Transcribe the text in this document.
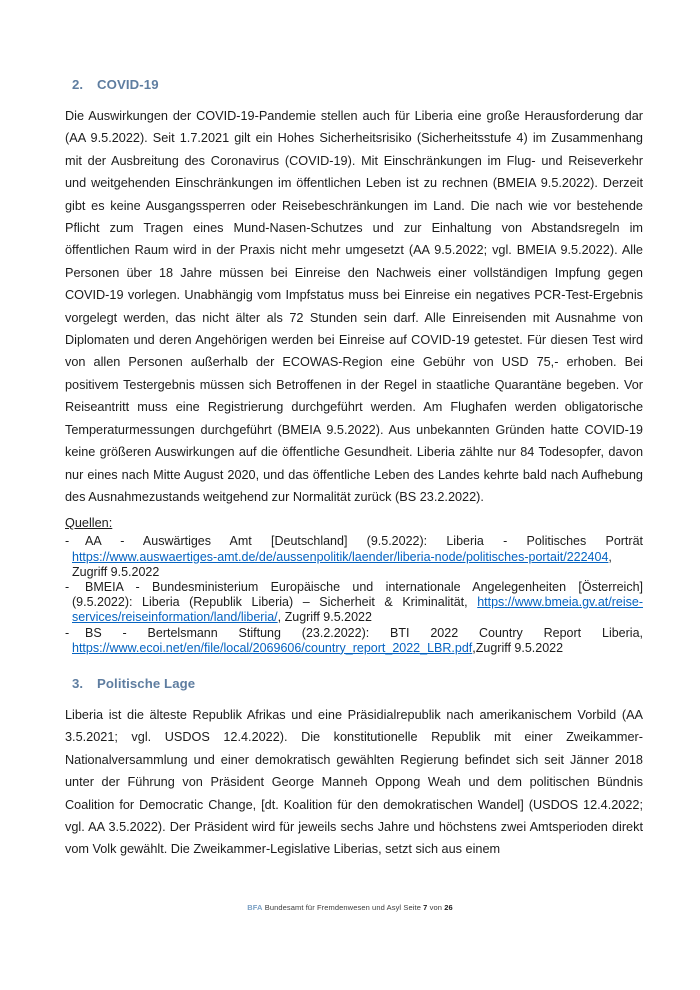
2. COVID-19
Die Auswirkungen der COVID-19-Pandemie stellen auch für Liberia eine große Herausforderung dar (AA 9.5.2022). Seit 1.7.2021 gilt ein Hohes Sicherheitsrisiko (Sicherheitsstufe 4) im Zusammenhang mit der Ausbreitung des Coronavirus (COVID-19). Mit Einschränkungen im Flug- und Reiseverkehr und weitgehenden Einschränkungen im öffentlichen Leben ist zu rechnen (BMEIA 9.5.2022). Derzeit gibt es keine Ausgangssperren oder Reisebeschränkungen im Land. Die nach wie vor bestehende Pflicht zum Tragen eines Mund-Nasen-Schutzes und zur Einhaltung von Abstandsregeln im öffentlichen Raum wird in der Praxis nicht mehr umgesetzt (AA 9.5.2022; vgl. BMEIA 9.5.2022). Alle Personen über 18 Jahre müssen bei Einreise den Nachweis einer vollständigen Impfung gegen COVID-19 vorlegen. Unabhängig vom Impfstatus muss bei Einreise ein negatives PCR-Test-Ergebnis vorgelegt werden, das nicht älter als 72 Stunden sein darf. Alle Einreisenden mit Ausnahme von Diplomaten und deren Angehörigen werden bei Einreise auf COVID-19 getestet. Für diesen Test wird von allen Personen außerhalb der ECOWAS-Region eine Gebühr von USD 75,- erhoben. Bei positivem Testergebnis müssen sich Betroffenen in der Regel in staatliche Quarantäne begeben. Vor Reiseantritt muss eine Registrierung durchgeführt werden. Am Flughafen werden obligatorische Temperaturmessungen durchgeführt (BMEIA 9.5.2022). Aus unbekannten Gründen hatte COVID-19 keine größeren Auswirkungen auf die öffentliche Gesundheit. Liberia zählte nur 84 Todesopfer, davon nur eines nach Mitte August 2020, und das öffentliche Leben des Landes kehrte bald nach Aufhebung des Ausnahmezustands weitgehend zur Normalität zurück (BS 23.2.2022).
Quellen:
- AA - Auswärtiges Amt [Deutschland] (9.5.2022): Liberia - Politisches Porträt https://www.auswaertiges-amt.de/de/aussenpolitik/laender/liberia-node/politisches-portait/222404, Zugriff 9.5.2022
- BMEIA - Bundesministerium Europäische und internationale Angelegenheiten [Österreich] (9.5.2022): Liberia (Republik Liberia) – Sicherheit & Kriminalität, https://www.bmeia.gv.at/reise-services/reiseinformation/land/liberia/, Zugriff 9.5.2022
- BS - Bertelsmann Stiftung (23.2.2022): BTI 2022 Country Report Liberia, https://www.ecoi.net/en/file/local/2069606/country_report_2022_LBR.pdf,Zugriff 9.5.2022
3. Politische Lage
Liberia ist die älteste Republik Afrikas und eine Präsidialrepublik nach amerikanischem Vorbild (AA 3.5.2021; vgl. USDOS 12.4.2022). Die konstitutionelle Republik mit einer Zweikammer-Nationalversammlung und einer demokratisch gewählten Regierung befindet sich seit Jänner 2018 unter der Führung von Präsident George Manneh Oppong Weah und dem politischen Bündnis Coalition for Democratic Change, [dt. Koalition für den demokratischen Wandel] (USDOS 12.4.2022; vgl. AA 3.5.2022). Der Präsident wird für jeweils sechs Jahre und höchstens zwei Amtsperioden direkt vom Volk gewählt. Die Zweikammer-Legislative Liberias, setzt sich aus einem
BFA Bundesamt für Fremdenwesen und Asyl Seite 7 von 26
